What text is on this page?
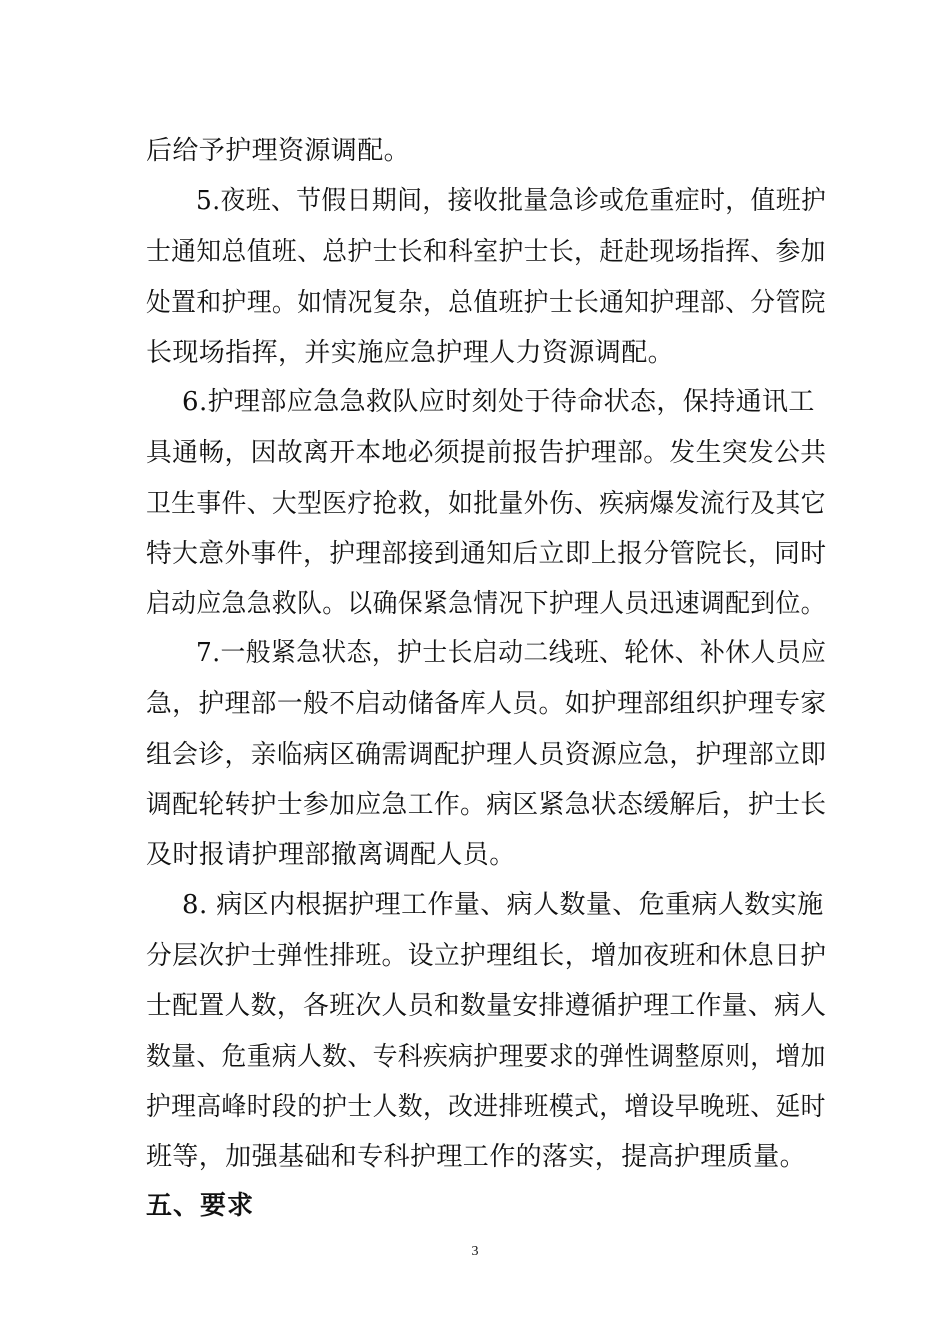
后给予护理资源调配。
5.夜班、节假日期间，接收批量急诊或危重症时，值班护
士通知总值班、总护士长和科室护士长，赶赴现场指挥、参加
处置和护理。如情况复杂，总值班护士长通知护理部、分管院
长现场指挥，并实施应急护理人力资源调配。
6.护理部应急急救队应时刻处于待命状态，保持通讯工
具通畅，因故离开本地必须提前报告护理部。发生突发公共
卫生事件、大型医疗抢救，如批量外伤、疾病爆发流行及其它
特大意外事件，护理部接到通知后立即上报分管院长，同时
启动应急急救队。以确保紧急情况下护理人员迅速调配到位。
7.一般紧急状态，护士长启动二线班、轮休、补休人员应
急，护理部一般不启动储备库人员。如护理部组织护理专家
组会诊，亲临病区确需调配护理人员资源应急，护理部立即
调配轮转护士参加应急工作。病区紧急状态缓解后，护士长
及时报请护理部撤离调配人员。
8. 病区内根据护理工作量、病人数量、危重病人数实施
分层次护士弹性排班。设立护理组长，增加夜班和休息日护
士配置人数，各班次人员和数量安排遵循护理工作量、病人
数量、危重病人数、专科疾病护理要求的弹性调整原则，增加
护理高峰时段的护士人数，改进排班模式，增设早晚班、延时
班等，加强基础和专科护理工作的落实，提高护理质量。
五、要求
3
